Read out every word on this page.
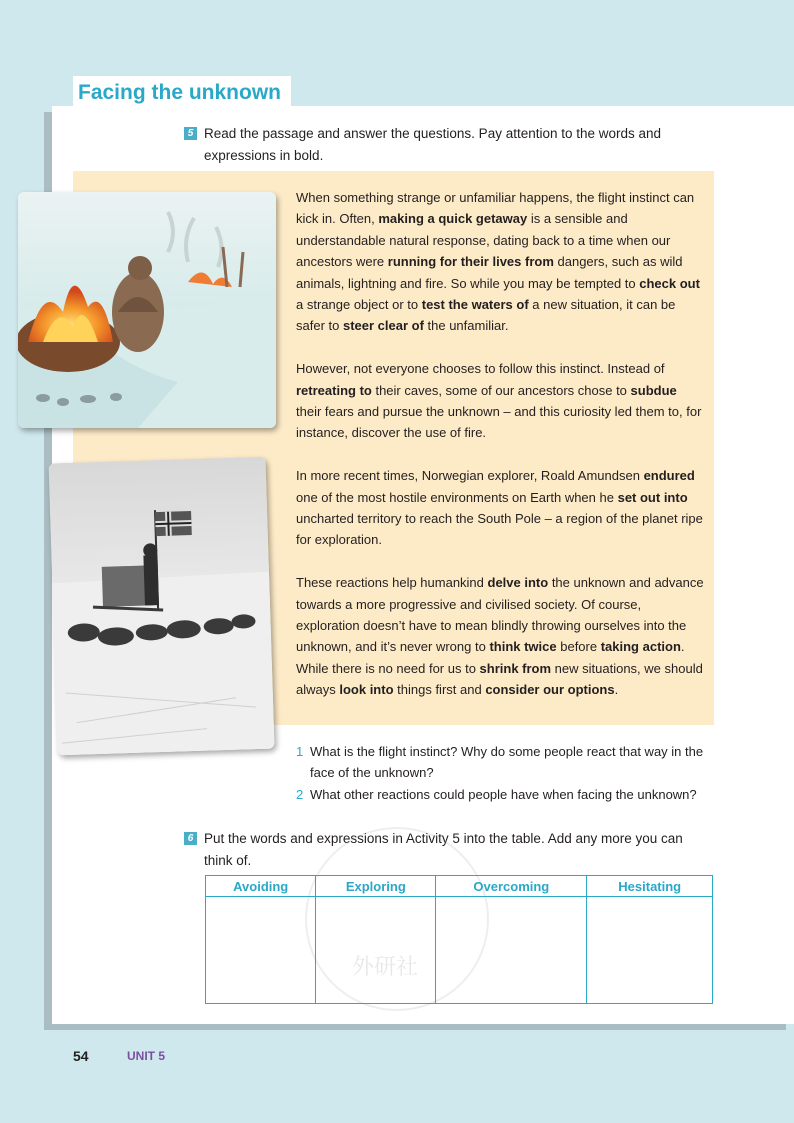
Facing the unknown
5 Read the passage and answer the questions. Pay attention to the words and
expressions in bold.

When something strange or unfamiliar happens, the flight instinct can kick in. Often, making a quick getaway is a sensible and understandable natural response, dating back to a time when our ancestors were running for their lives from dangers, such as wild animals, lightning and fire. So while you may be tempted to check out a strange object or to test the waters of a new situation, it can be safer to steer clear of the unfamiliar.

However, not everyone chooses to follow this instinct. Instead of retreating to their caves, some of our ancestors chose to subdue their fears and pursue the unknown – and this curiosity led them to, for instance, discover the use of fire.

In more recent times, Norwegian explorer, Roald Amundsen endured one of the most hostile environments on Earth when he set out into uncharted territory to reach the South Pole – a region of the planet ripe for exploration.

These reactions help humankind delve into the unknown and advance towards a more progressive and civilised society. Of course, exploration doesn’t have to mean blindly throwing ourselves into the unknown, and it’s never wrong to think twice before taking action. While there is no need for us to shrink from new situations, we should always look into things first and consider our options.

1 What is the flight instinct? Why do some people react that way in the face of the unknown?
2 What other reactions could people have when facing the unknown?
6 Put the words and expressions in Activity 5 into the table. Add any more you can
think of.
外研社
Avoiding	Exploring	Overcoming	Hesitating

54	UNIT 5
